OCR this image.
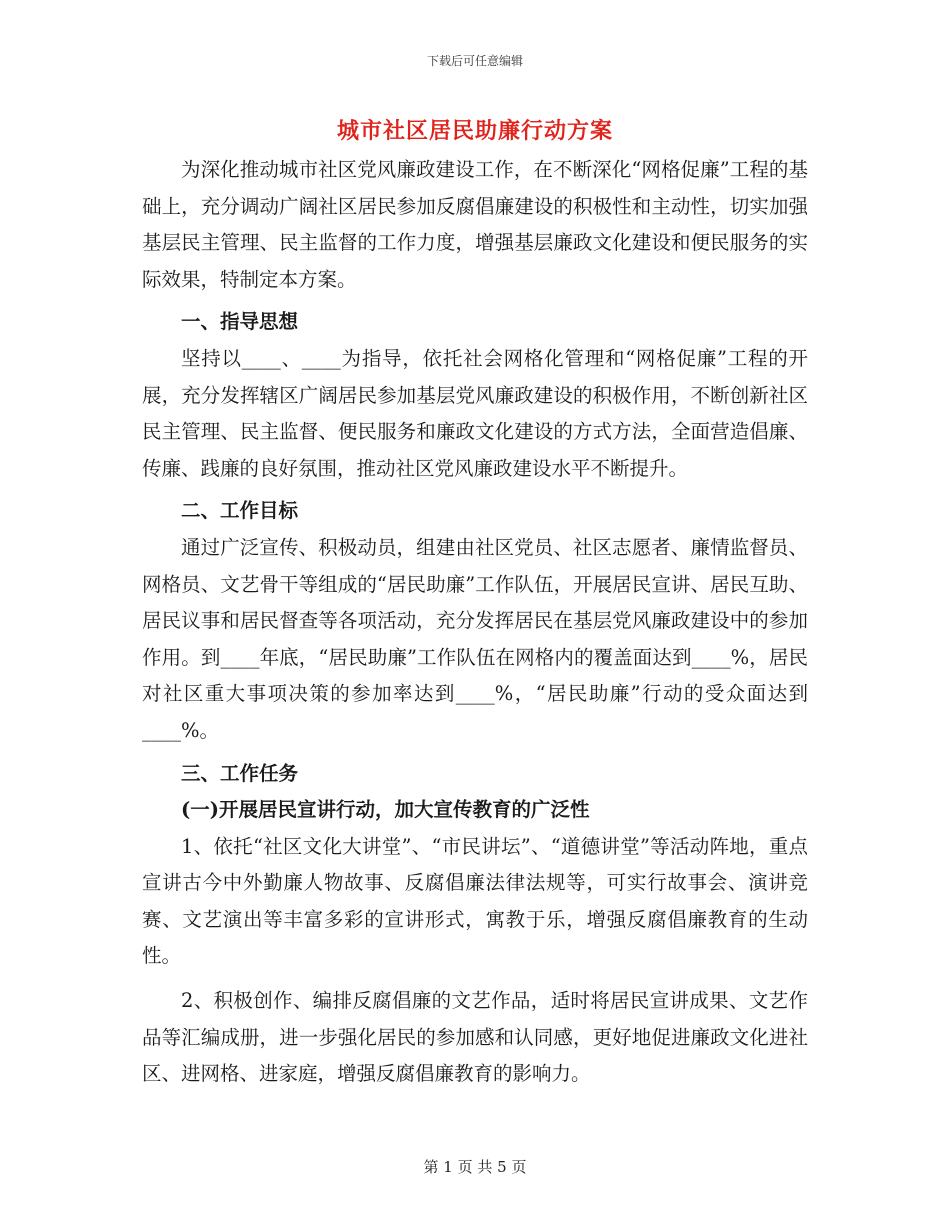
下载后可任意编辑
城市社区居民助廉行动方案

为深化推动城市社区党风廉政建设工作，在不断深化“网格促廉”工程的基础上，充分调动广阔社区居民参加反腐倡廉建设的积极性和主动性，切实加强基层民主管理、民主监督的工作力度，增强基层廉政文化建设和便民服务的实际效果，特制定本方案。

一、指导思想

坚持以____、____为指导，依托社会网格化管理和“网格促廉”工程的开展，充分发挥辖区广阔居民参加基层党风廉政建设的积极作用，不断创新社区民主管理、民主监督、便民服务和廉政文化建设的方式方法，全面营造倡廉、传廉、践廉的良好氛围，推动社区党风廉政建设水平不断提升。

二、工作目标

通过广泛宣传、积极动员，组建由社区党员、社区志愿者、廉情监督员、网格员、文艺骨干等组成的“居民助廉”工作队伍，开展居民宣讲、居民互助、居民议事和居民督查等各项活动，充分发挥居民在基层党风廉政建设中的参加作用。到____年底，“居民助廉”工作队伍在网格内的覆盖面达到____%，居民对社区重大事项决策的参加率达到____%，“居民助廉”行动的受众面达到____%。

三、工作任务
(一)开展居民宣讲行动，加大宣传教育的广泛性

1、依托“社区文化大讲堂”、“市民讲坛”、“道德讲堂”等活动阵地，重点宣讲古今中外勤廉人物故事、反腐倡廉法律法规等，可实行故事会、演讲竞赛、文艺演出等丰富多彩的宣讲形式，寓教于乐，增强反腐倡廉教育的生动性。

2、积极创作、编排反腐倡廉的文艺作品，适时将居民宣讲成果、文艺作品等汇编成册，进一步强化居民的参加感和认同感，更好地促进廉政文化进社区、进网格、进家庭，增强反腐倡廉教育的影响力。

第 1 页 共 5 页
